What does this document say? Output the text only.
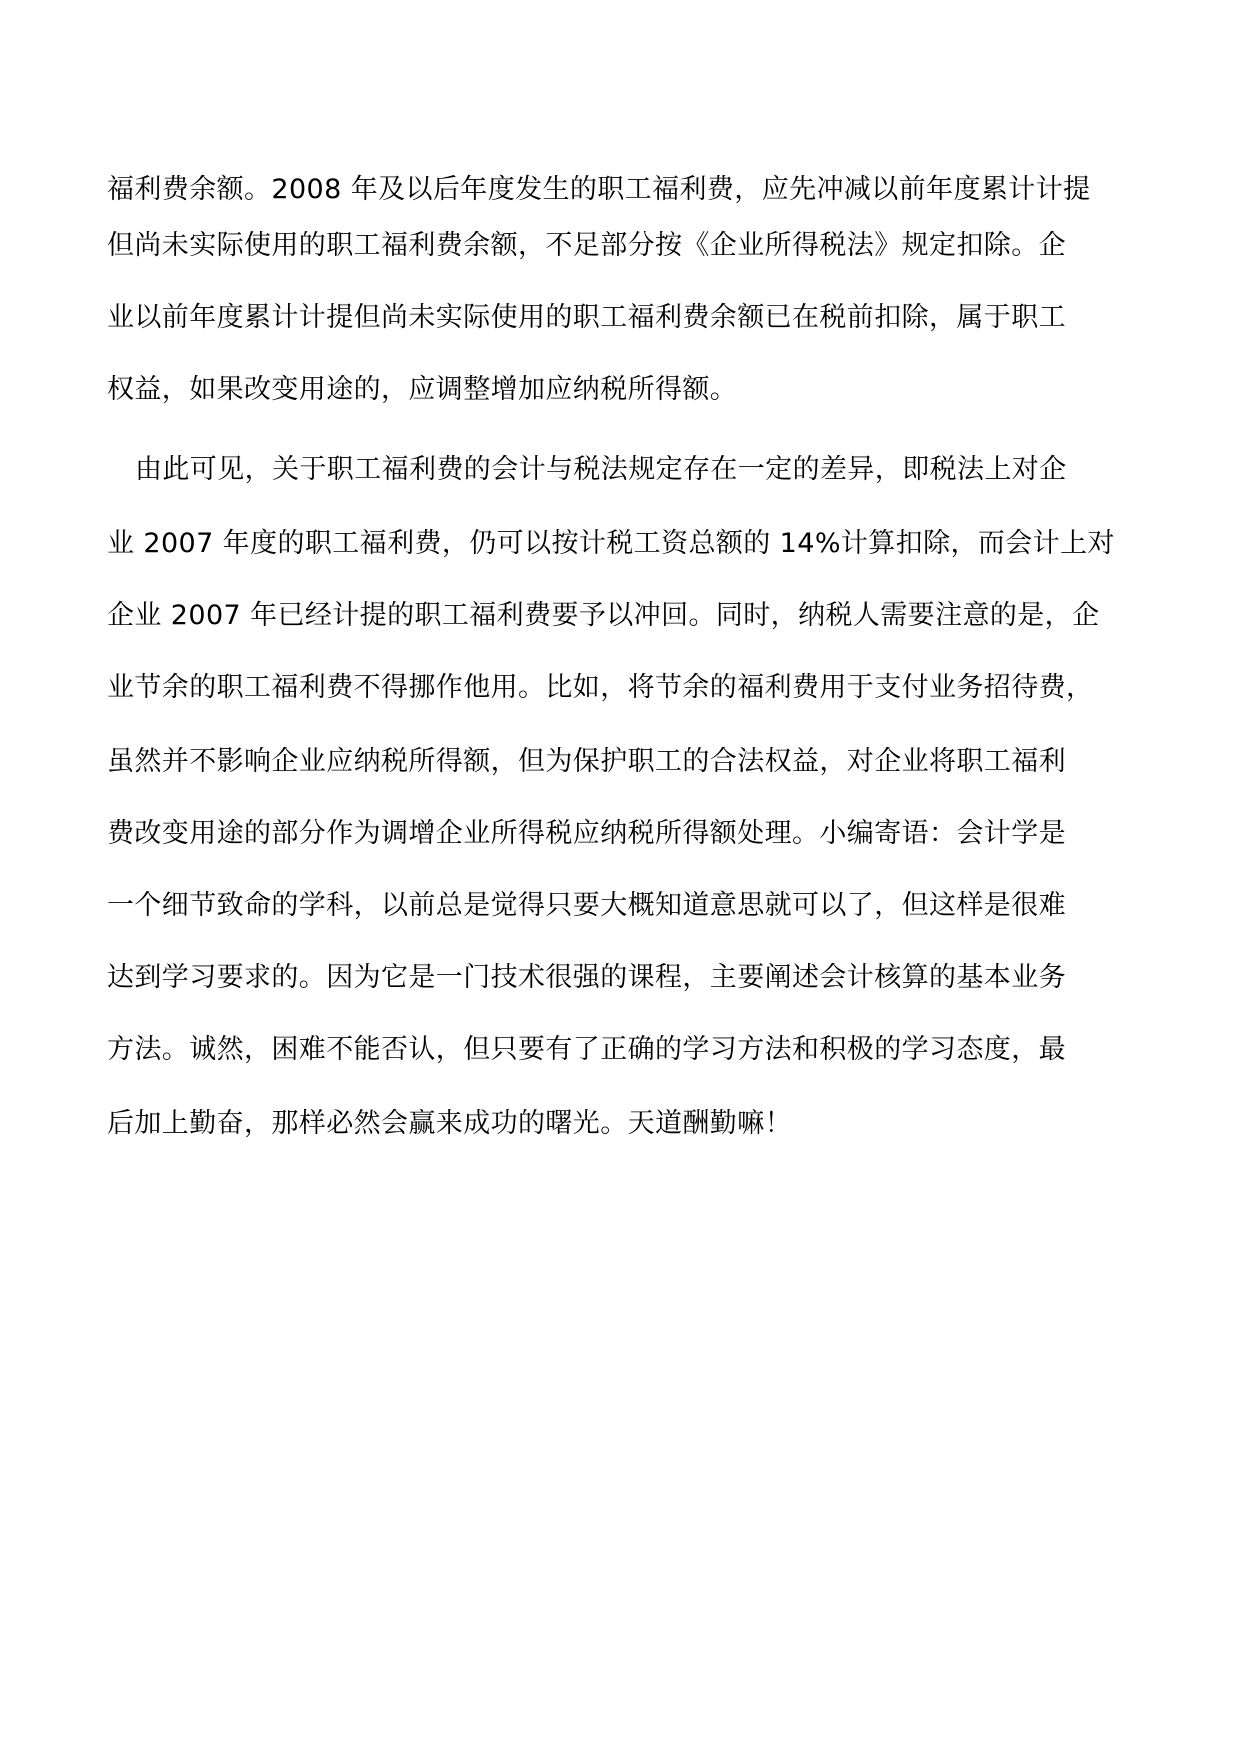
福利费余额。2008 年及以后年度发生的职工福利费，应先冲减以前年度累计计提
但尚未实际使用的职工福利费余额，不足部分按《企业所得税法》规定扣除。企
业以前年度累计计提但尚未实际使用的职工福利费余额已在税前扣除，属于职工
权益，如果改变用途的，应调整增加应纳税所得额。
由此可见，关于职工福利费的会计与税法规定存在一定的差异，即税法上对企
业 2007 年度的职工福利费，仍可以按计税工资总额的 14%计算扣除，而会计上对
企业 2007 年已经计提的职工福利费要予以冲回。同时，纳税人需要注意的是，企
业节余的职工福利费不得挪作他用。比如，将节余的福利费用于支付业务招待费，
虽然并不影响企业应纳税所得额，但为保护职工的合法权益，对企业将职工福利
费改变用途的部分作为调增企业所得税应纳税所得额处理。小编寄语：会计学是
一个细节致命的学科，以前总是觉得只要大概知道意思就可以了，但这样是很难
达到学习要求的。因为它是一门技术很强的课程，主要阐述会计核算的基本业务
方法。诚然，困难不能否认，但只要有了正确的学习方法和积极的学习态度，最
后加上勤奋，那样必然会赢来成功的曙光。天道酬勤嘛！
